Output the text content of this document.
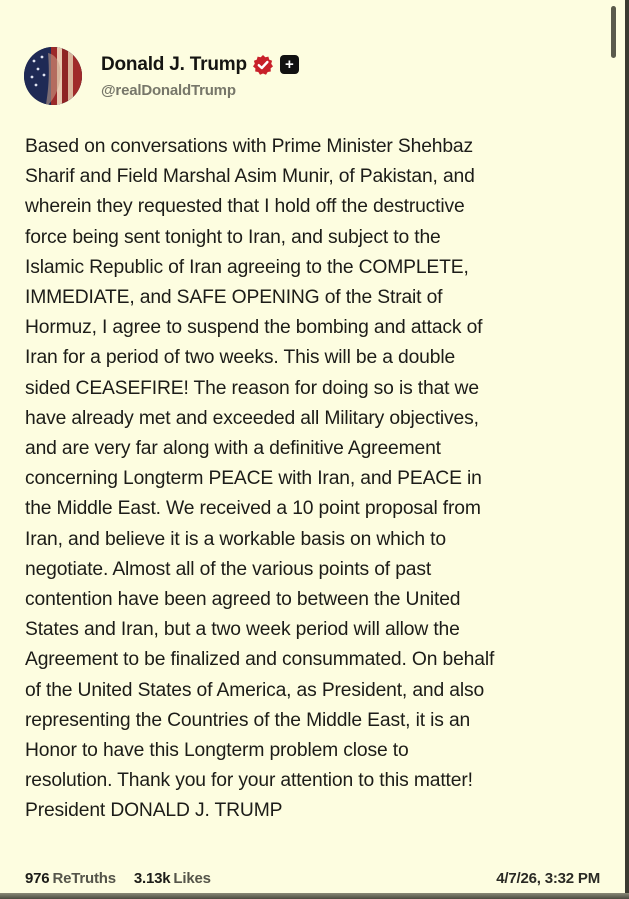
Donald J. Trump	+
@realDonaldTrump
Based on conversations with Prime Minister Shehbaz
Sharif and Field Marshal Asim Munir, of Pakistan, and
wherein they requested that I hold off the destructive
force being sent tonight to Iran, and subject to the
Islamic Republic of Iran agreeing to the COMPLETE,
IMMEDIATE, and SAFE OPENING of the Strait of
Hormuz, I agree to suspend the bombing and attack of
Iran for a period of two weeks. This will be a double
sided CEASEFIRE! The reason for doing so is that we
have already met and exceeded all Military objectives,
and are very far along with a definitive Agreement
concerning Longterm PEACE with Iran, and PEACE in
the Middle East. We received a 10 point proposal from
Iran, and believe it is a workable basis on which to
negotiate. Almost all of the various points of past
contention have been agreed to between the United
States and Iran, but a two week period will allow the
Agreement to be finalized and consummated. On behalf
of the United States of America, as President, and also
representing the Countries of the Middle East, it is an
Honor to have this Longterm problem close to
resolution. Thank you for your attention to this matter!
President DONALD J. TRUMP
976 ReTruths 3.13k Likes	4/7/26, 3:32 PM
